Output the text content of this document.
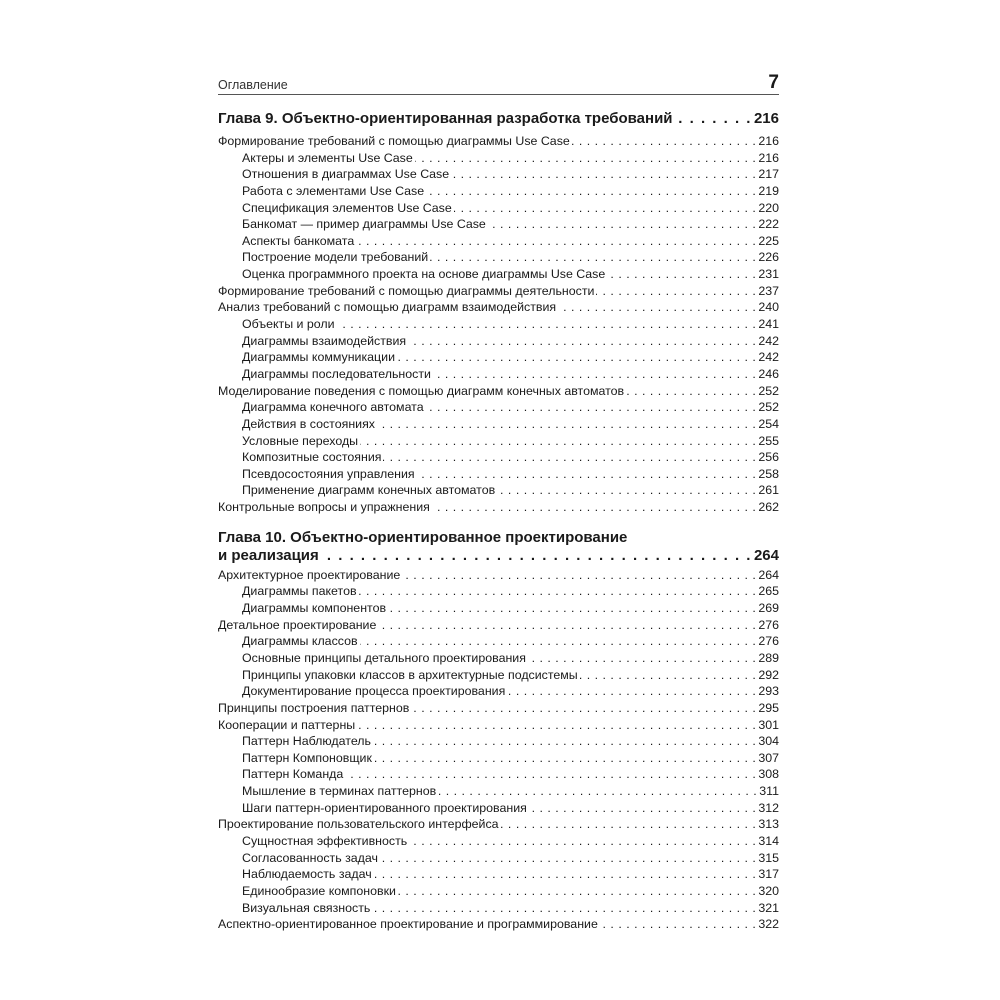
Оглавление	7
Глава 9. Объектно-ориентированная разработка требований . . .	216
Формирование требований с помощью диаграммы Use Case . . .	216
Актеры и элементы Use Case . . .	216
Отношения в диаграммах Use Case . . .	217
Работа с элементами Use Case . . .	219
Спецификация элементов Use Case . . .	220
Банкомат — пример диаграммы Use Case . . .	222
Аспекты банкомата . . .	225
Построение модели требований . . .	226
Оценка программного проекта на основе диаграммы Use Case . . .	231
Формирование требований с помощью диаграммы деятельности . . .	237
Анализ требований с помощью диаграмм взаимодействия . . .	240
Объекты и роли . . .	241
Диаграммы взаимодействия . . .	242
Диаграммы коммуникации . . .	242
Диаграммы последовательности . . .	246
Моделирование поведения с помощью диаграмм конечных автоматов . . .	252
Диаграмма конечного автомата . . .	252
Действия в состояниях . . .	254
Условные переходы . . .	255
Композитные состояния . . .	256
Псевдосостояния управления . . .	258
Применение диаграмм конечных автоматов . . .	261
Контрольные вопросы и упражнения . . .	262
Глава 10. Объектно-ориентированное проектирование
и реализация . . .	264
Архитектурное проектирование . . .	264
Диаграммы пакетов . . .	265
Диаграммы компонентов . . .	269
Детальное проектирование . . .	276
Диаграммы классов . . .	276
Основные принципы детального проектирования . . .	289
Принципы упаковки классов в архитектурные подсистемы . . .	292
Документирование процесса проектирования . . .	293
Принципы построения паттернов . . .	295
Кооперации и паттерны . . .	301
Паттерн Наблюдатель . . .	304
Паттерн Компоновщик . . .	307
Паттерн Команда . . .	308
Мышление в терминах паттернов . . .	311
Шаги паттерн-ориентированного проектирования . . .	312
Проектирование пользовательского интерфейса . . .	313
Сущностная эффективность . . .	314
Согласованность задач . . .	315
Наблюдаемость задач . . .	317
Единообразие компоновки . . .	320
Визуальная связность . . .	321
Аспектно-ориентированное проектирование и программирование . . .	322
